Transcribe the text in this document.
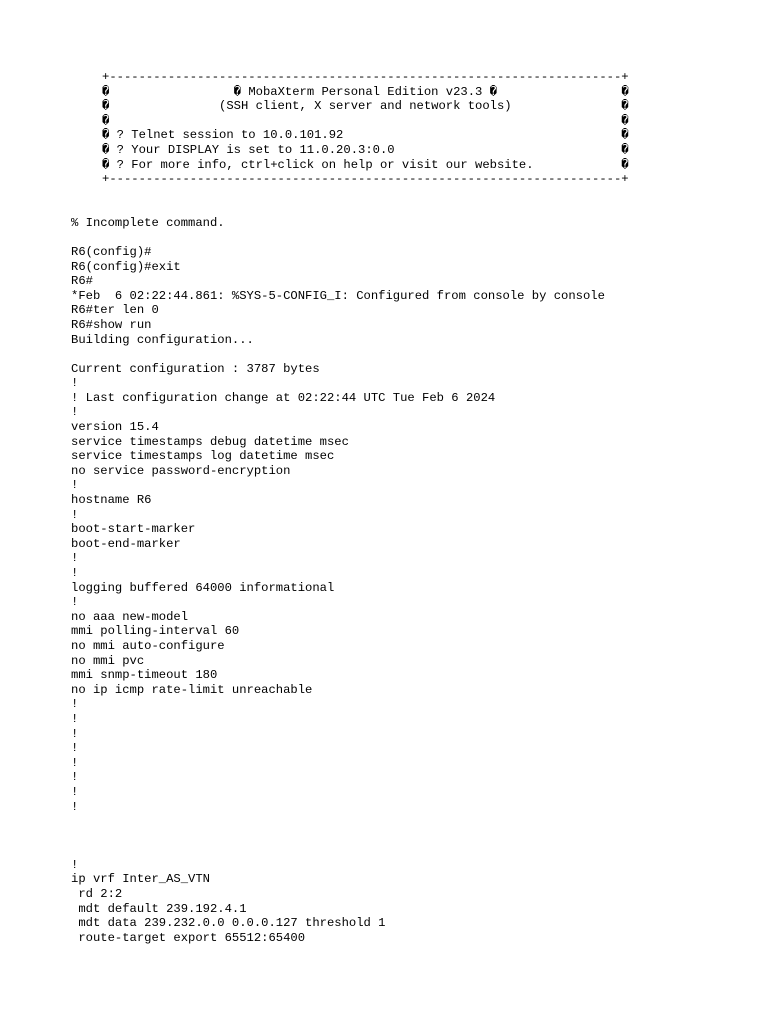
+----------------------------------------------------------------------+
�                 � MobaXterm Personal Edition v23.3 �                 �
�               (SSH client, X server and network tools)               �
�                                                                      �
� ? Telnet session to 10.0.101.92                                      �
� ? Your DISPLAY is set to 11.0.20.3:0.0                               �
� ? For more info, ctrl+click on help or visit our website.            �
+----------------------------------------------------------------------+
% Incomplete command.
R6(config)#
R6(config)#exit
R6#
*Feb  6 02:22:44.861: %SYS-5-CONFIG_I: Configured from console by console
R6#ter len 0
R6#show run
Building configuration...
Current configuration : 3787 bytes
!
! Last configuration change at 02:22:44 UTC Tue Feb 6 2024
!
version 15.4
service timestamps debug datetime msec
service timestamps log datetime msec
no service password-encryption
!
hostname R6
!
boot-start-marker
boot-end-marker
!
!
logging buffered 64000 informational
!
no aaa new-model
mmi polling-interval 60
no mmi auto-configure
no mmi pvc
mmi snmp-timeout 180
no ip icmp rate-limit unreachable
!
!
!
!
!
!
!
!
!
ip vrf Inter_AS_VTN
rd 2:2
mdt default 239.192.4.1
mdt data 239.232.0.0 0.0.0.127 threshold 1
route-target export 65512:65400
